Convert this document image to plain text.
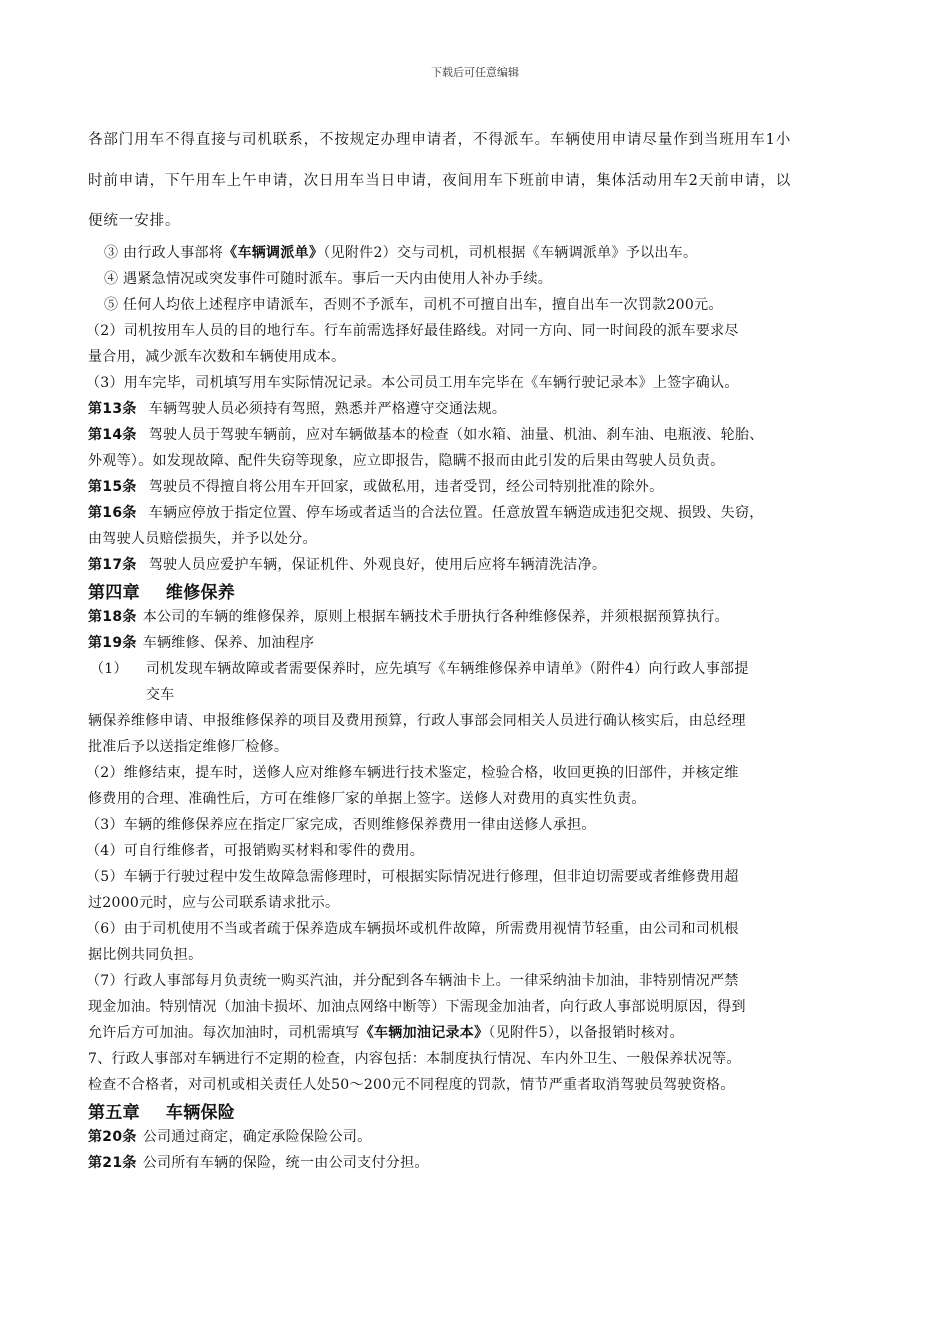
下载后可任意编辑
各部门用车不得直接与司机联系，不按规定办理申请者，不得派车。车辆使用申请尽量作到当班用车1小
时前申请，下午用车上午申请，次日用车当日申请，夜间用车下班前申请，集体活动用车2天前申请，以
便统一安排。
③ 由行政人事部将《车辆调派单》（见附件2）交与司机，司机根据《车辆调派单》予以出车。
④ 遇紧急情况或突发事件可随时派车。事后一天内由使用人补办手续。
⑤ 任何人均依上述程序申请派车，否则不予派车，司机不可擅自出车，擅自出车一次罚款200元。
（2）司机按用车人员的目的地行车。行车前需选择好最佳路线。对同一方向、同一时间段的派车要求尽
量合用，减少派车次数和车辆使用成本。
（3）用车完毕，司机填写用车实际情况记录。本公司员工用车完毕在《车辆行驶记录本》上签字确认。
第13条 车辆驾驶人员必须持有驾照，熟悉并严格遵守交通法规。
第14条 驾驶人员于驾驶车辆前，应对车辆做基本的检查（如水箱、油量、机油、刹车油、电瓶液、轮胎、
外观等）。如发现故障、配件失窃等现象，应立即报告，隐瞒不报而由此引发的后果由驾驶人员负责。
第15条 驾驶员不得擅自将公用车开回家，或做私用，违者受罚，经公司特别批准的除外。
第16条 车辆应停放于指定位置、停车场或者适当的合法位置。任意放置车辆造成违犯交规、损毁、失窃，
由驾驶人员赔偿损失，并予以处分。
第17条 驾驶人员应爱护车辆，保证机件、外观良好，使用后应将车辆清洗洁净。
第四章 维修保养
第18条 本公司的车辆的维修保养，原则上根据车辆技术手册执行各种维修保养，并须根据预算执行。
第19条 车辆维修、保养、加油程序
（1） 司机发现车辆故障或者需要保养时，应先填写《车辆维修保养申请单》（附件4）向行政人事部提
交车
辆保养维修申请、申报维修保养的项目及费用预算，行政人事部会同相关人员进行确认核实后，由总经理
批准后予以送指定维修厂检修。
（2）维修结束，提车时，送修人应对维修车辆进行技术鉴定，检验合格，收回更换的旧部件，并核定维
修费用的合理、准确性后，方可在维修厂家的单据上签字。送修人对费用的真实性负责。
（3）车辆的维修保养应在指定厂家完成，否则维修保养费用一律由送修人承担。
（4）可自行维修者，可报销购买材料和零件的费用。
（5）车辆于行驶过程中发生故障急需修理时，可根据实际情况进行修理，但非迫切需要或者维修费用超
过2000元时，应与公司联系请求批示。
（6）由于司机使用不当或者疏于保养造成车辆损坏或机件故障，所需费用视情节轻重，由公司和司机根
据比例共同负担。
（7）行政人事部每月负责统一购买汽油，并分配到各车辆油卡上。一律采纳油卡加油，非特别情况严禁
现金加油。特别情况（加油卡损坏、加油点网络中断等）下需现金加油者，向行政人事部说明原因，得到
允许后方可加油。每次加油时，司机需填写《车辆加油记录本》（见附件5），以备报销时核对。
7、行政人事部对车辆进行不定期的检查，内容包括：本制度执行情况、车内外卫生、一般保养状况等。
检查不合格者，对司机或相关责任人处50～200元不同程度的罚款，情节严重者取消驾驶员驾驶资格。
第五章 车辆保险
第20条 公司通过商定，确定承险保险公司。
第21条 公司所有车辆的保险，统一由公司支付分担。
